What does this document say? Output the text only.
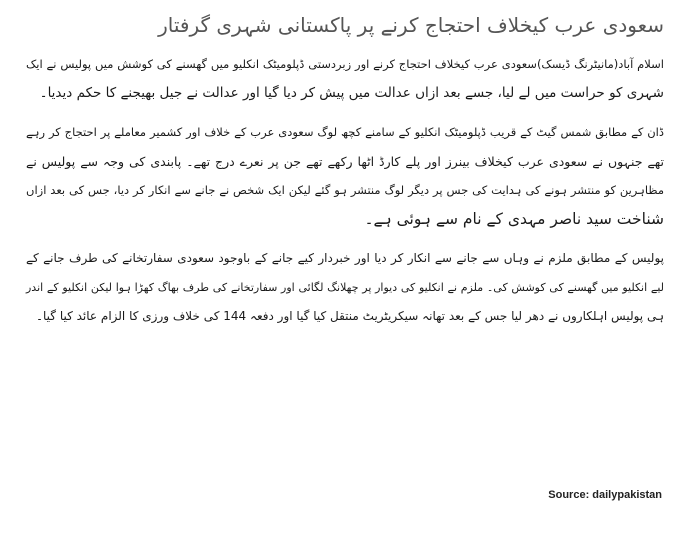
سعودی عرب کیخلاف احتجاج کرنے پر پاکستانی شہری گرفتار
اسلام آباد(مانیٹرنگ ڈیسک)سعودی عرب کیخلاف احتجاج کرنے اور زبردستی ڈپلومیٹک انکلیو میں گھسنے کی کوشش میں پولیس نے ایک
شہری کو حراست میں لے لیا، جسے بعد ازاں عدالت میں پیش کر دیا گیا اور عدالت نے جیل بھیجنے کا حکم دیدیا۔
ڈان کے مطابق شمس گیٹ کے قریب ڈپلومیٹک انکلیو کے سامنے کچھ لوگ سعودی عرب کے خلاف اور کشمیر معاملے پر احتجاج کر رہے
تھے جنہوں نے سعودی عرب کیخلاف بینرز اور پلے کارڈ اٹھا رکھے تھے جن پر نعرے درج تھے۔ پابندی کی وجہ سے پولیس نے
مظاہرین کو منتشر ہونے کی ہدایت کی جس پر دیگر لوگ منتشر ہو گئے لیکن ایک شخص نے جانے سے انکار کر دیا، جس کی بعد ازاں
شناخت سید ناصر مہدی کے نام سے ہوئی ہے۔
پولیس کے مطابق ملزم نے وہاں سے جانے سے انکار کر دیا اور خبردار کیے جانے کے باوجود سعودی سفارتخانے کی طرف جانے کے
لیے انکلیو میں گھسنے کی کوشش کی۔ ملزم نے انکلیو کی دیوار پر چھلانگ لگائی اور سفارتخانے کی طرف بھاگ کھڑا ہوا لیکن انکلیو کے اندر
ہی پولیس اہلکاروں نے دھر لیا جس کے بعد تھانہ سیکریٹریٹ منتقل کیا گیا اور دفعہ 144 کی خلاف ورزی کا الزام عائد کیا گیا۔
Source: dailypakistan
